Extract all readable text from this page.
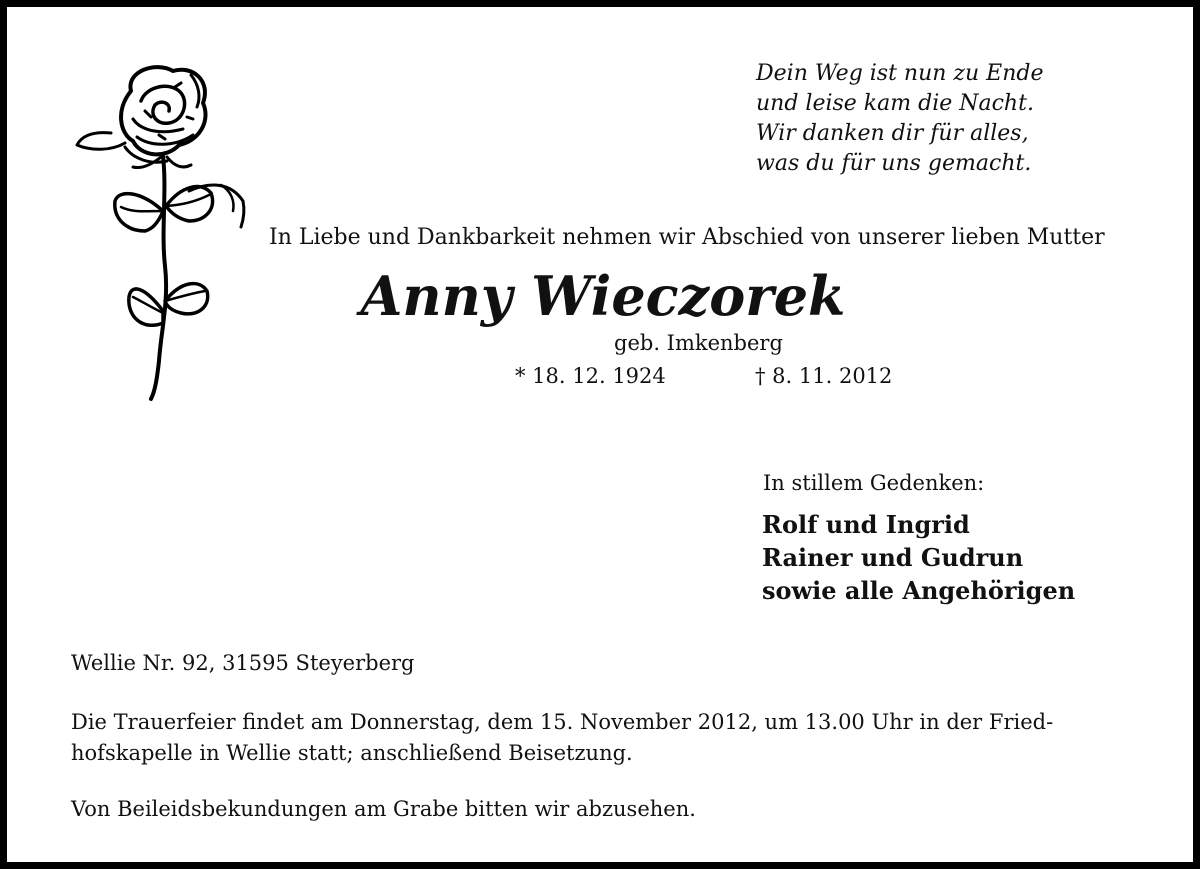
Dein Weg ist nun zu Ende
und leise kam die Nacht.
Wir danken dir für alles,
was du für uns gemacht.
In Liebe und Dankbarkeit nehmen wir Abschied von unserer lieben Mutter
Anny Wieczorek
geb. Imkenberg
* 18. 12. 1924	† 8. 11. 2012
In stillem Gedenken:
Rolf und Ingrid
Rainer und Gudrun
sowie alle Angehörigen
Wellie Nr. 92, 31595 Steyerberg
Die Trauerfeier findet am Donnerstag, dem 15. November 2012, um 13.00 Uhr in der Fried-
hofskapelle in Wellie statt; anschließend Beisetzung.
Von Beileidsbekundungen am Grabe bitten wir abzusehen.
